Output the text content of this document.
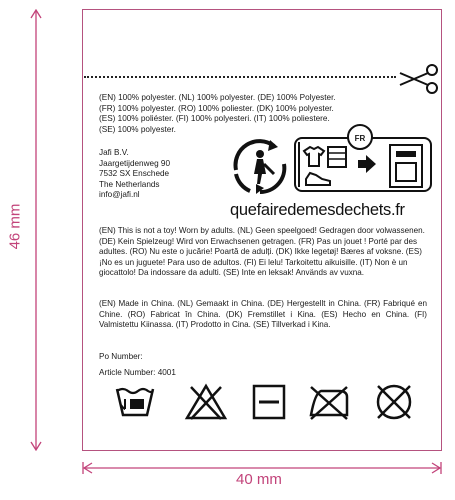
46 mm
40 mm
(EN) 100% polyester. (NL) 100% polyester. (DE) 100% Polyester.
(FR) 100% polyester. (RO) 100% poliester. (DK) 100% polyester.
(ES) 100% poliéster. (FI) 100% polyesteri. (IT) 100% poliestere.
(SE) 100% polyester.
Jafi B.V.
Jaargetijdenweg 90
7532 SX Enschede
The Netherlands
info@jafi.nl
FR
quefairedemesdechets.fr
(EN) This is not a toy! Worn by adults. (NL) Geen speelgoed! Gedragen door volwassenen. (DE) Kein Spielzeug! Wird von Erwachsenen getragen. (FR) Pas un jouet ! Porté par des adultes. (RO) Nu este o jucărie! Poartă de adulți. (DK) Ikke legetøj! Bæres af voksne. (ES) ¡No es un juguete! Para uso de adultos. (FI) Ei lelu! Tarkoitettu aikuisille. (IT) Non è un giocattolo! Da indossare da adulti. (SE) Inte en leksak! Används av vuxna.
(EN) Made in China. (NL) Gemaakt in China. (DE) Hergestellt in China. (FR) Fabriqué en Chine. (RO) Fabricat în China. (DK) Fremstillet i Kina. (ES) Hecho en China. (FI) Valmistettu Kiinassa. (IT) Prodotto in Cina. (SE) Tillverkad i Kina.
Po Number:
Article Number: 4001
